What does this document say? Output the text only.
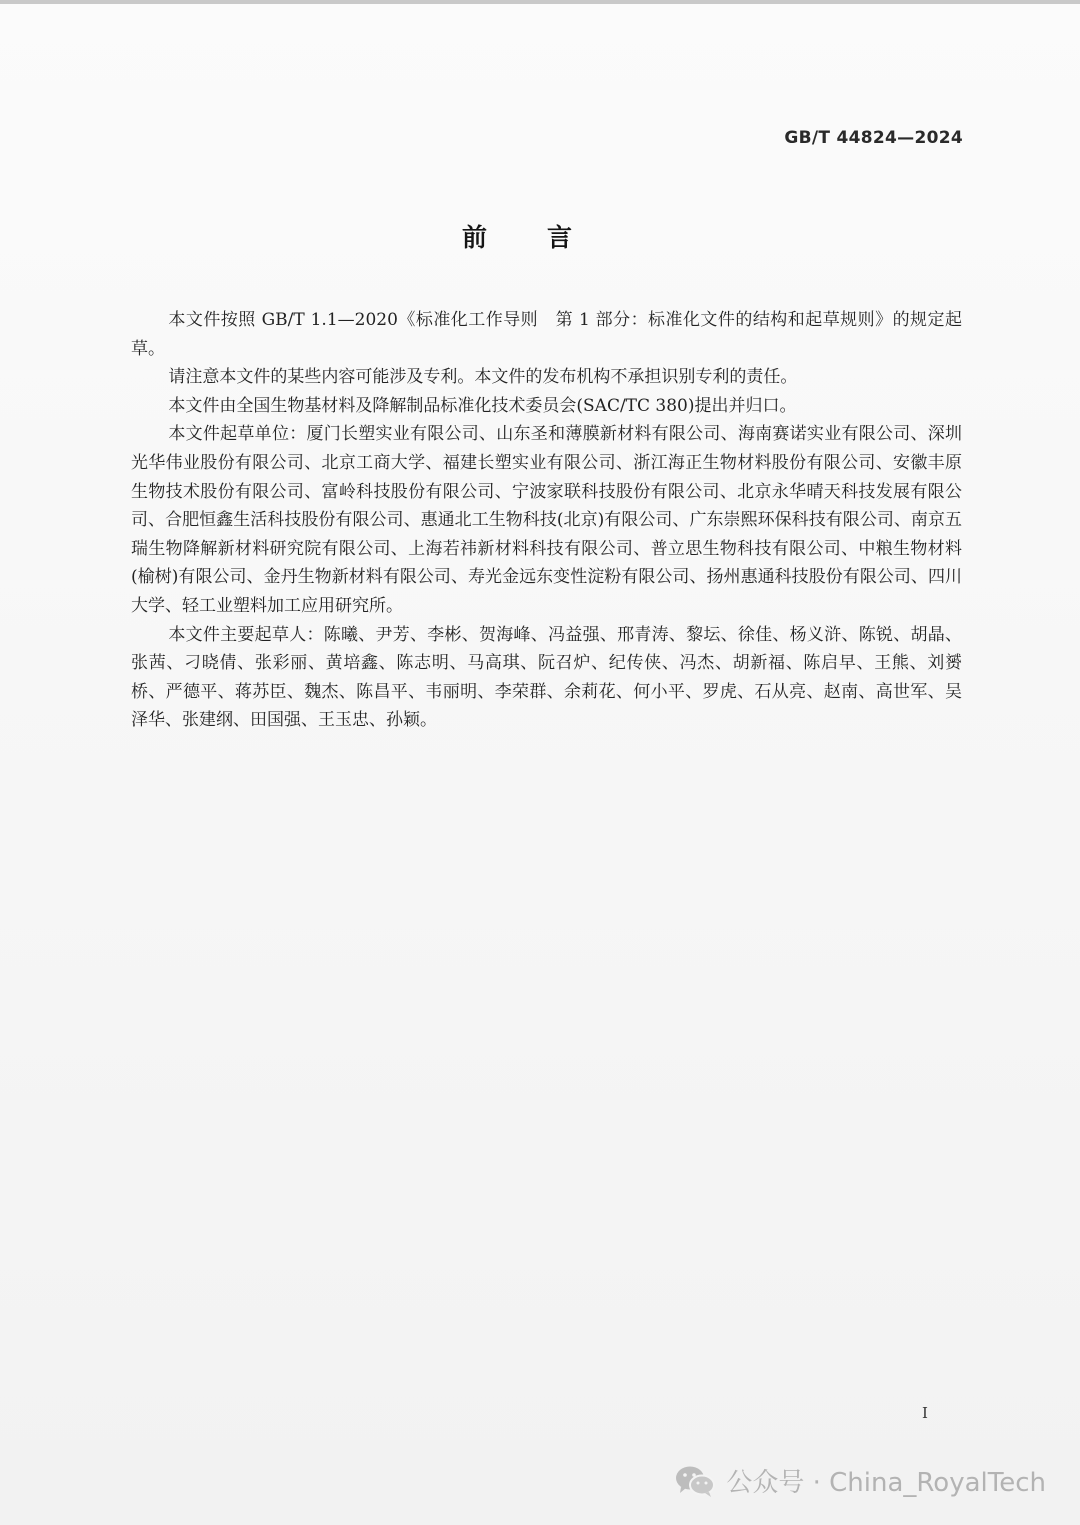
GB/T 44824—2024
前言

本文件按照 GB/T 1.1—2020《标准化工作导则　第 1 部分：标准化文件的结构和起草规则》的规定起草。

请注意本文件的某些内容可能涉及专利。本文件的发布机构不承担识别专利的责任。

本文件由全国生物基材料及降解制品标准化技术委员会(SAC/TC 380)提出并归口。

本文件起草单位：厦门长塑实业有限公司、山东圣和薄膜新材料有限公司、海南赛诺实业有限公司、深圳光华伟业股份有限公司、北京工商大学、福建长塑实业有限公司、浙江海正生物材料股份有限公司、安徽丰原生物技术股份有限公司、富岭科技股份有限公司、宁波家联科技股份有限公司、北京永华晴天科技发展有限公司、合肥恒鑫生活科技股份有限公司、惠通北工生物科技(北京)有限公司、广东崇熙环保科技有限公司、南京五瑞生物降解新材料研究院有限公司、上海若祎新材料科技有限公司、普立思生物科技有限公司、中粮生物材料(榆树)有限公司、金丹生物新材料有限公司、寿光金远东变性淀粉有限公司、扬州惠通科技股份有限公司、四川大学、轻工业塑料加工应用研究所。

本文件主要起草人：陈曦、尹芳、李彬、贺海峰、冯益强、邢青涛、黎坛、徐佳、杨义浒、陈锐、胡晶、张茜、刁晓倩、张彩丽、黄培鑫、陈志明、马高琪、阮召炉、纪传侠、冯杰、胡新福、陈启早、王熊、刘赟桥、严德平、蒋苏臣、魏杰、陈昌平、韦丽明、李荣群、余莉花、何小平、罗虎、石从亮、赵南、高世军、吴泽华、张建纲、田国强、王玉忠、孙颖。

I
公众号 · China_RoyalTech
